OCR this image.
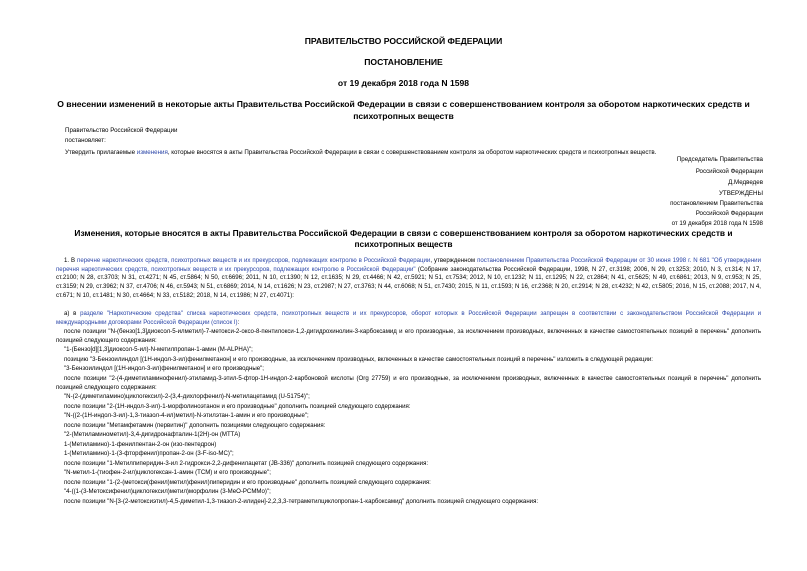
ПРАВИТЕЛЬСТВО РОССИЙСКОЙ ФЕДЕРАЦИИ
ПОСТАНОВЛЕНИЕ
от 19 декабря 2018 года N 1598
О внесении изменений в некоторые акты Правительства Российской Федерации в связи с совершенствованием контроля за оборотом наркотических средств и
психотропных веществ
Правительство Российской Федерации
постановляет:
Утвердить прилагаемые изменения, которые вносятся в акты Правительства Российской Федерации в связи с совершенствованием контроля за оборотом наркотических средств и психотропных веществ.
Председатель Правительства
Российской Федерации
Д.Медведев
УТВЕРЖДЕНЫ
постановлением Правительства
Российской Федерации
от 19 декабря 2018 года N 1598
Изменения, которые вносятся в акты Правительства Российской Федерации в связи с совершенствованием контроля за оборотом наркотических средств и
психотропных веществ
1. В перечне наркотических средств, психотропных веществ и их прекурсоров, подлежащих контролю в Российской Федерации, утвержденном постановлением Правительства Российской Федерации от 30 июня 1998 г. N 681 "Об утверждении перечня наркотических средств, психотропных веществ и их прекурсоров, подлежащих контролю в Российской Федерации" (Собрание законодательства Российской Федерации, 1998, N 27, ст.3198; 2006, N 29, ст.3253; 2010, N 3, ст.314; N 17, ст.2100; N 28, ст.3703; N 31, ст.4271; N 45, ст.5864; N 50, ст.6696; 2011, N 10, ст.1390; N 12, ст.1635; N 29, ст.4466; N 42, ст.5921; N 51, ст.7534; 2012, N 10, ст.1232; N 11, ст.1295; N 22, ст.2864; N 41, ст.5625; N 49, ст.6861; 2013, N 9, ст.953; N 25, ст.3159; N 29, ст.3962; N 37, ст.4706; N 46, ст.5943; N 51, ст.6869; 2014, N 14, ст.1626; N 23, ст.2987; N 27, ст.3763; N 44, ст.6068; N 51, ст.7430; 2015, N 11, ст.1593; N 16, ст.2368; N 20, ст.2914; N 28, ст.4232; N 42, ст.5805; 2016, N 15, ст.2088; 2017, N 4, ст.671; N 10, ст.1481; N 30, ст.4664; N 33, ст.5182; 2018, N 14, ст.1986; N 27, ст.4071):
а) в разделе "Наркотические средства" списка наркотических средств, психотропных веществ и их прекурсоров, оборот которых в Российской Федерации запрещен в соответствии с законодательством Российской Федерации и международными договорами Российской Федерации (список I):
после позиции "N-(бензо[1,3]диоксол-5-илметил)-7-метокси-2-оксо-8-пентилокси-1,2-дигидрохинолин-3-карбоксамид и его производные, за исключением производных, включенных в качестве самостоятельных позиций в перечень" дополнить позицией следующего содержания:
"1-(Бензо[d][1,3]диоксол-5-ил)-N-метилпропан-1-амин (M-ALPHA)";
позицию "3-Бензоилиндол [(1Н-индол-3-ил)фенилметанон] и его производные, за исключением производных, включенных в качестве самостоятельных позиций в перечень" изложить в следующей редакции:
"3-Бензоилиндол [(1Н-индол-3-ил)фенилметанон] и его производные";
после позиции "2-(4-диметиламинофенил)-этиламид-3-этил-5-фтор-1Н-индол-2-карбоновой кислоты (Org 27759) и его производные, за исключением производных, включенных в качестве самостоятельных позиций в перечень" дополнить позицией следующего содержания:
"N-(2-(диметиламино)циклогексил)-2-(3,4-дихлорфенил)-N-метилацетамид (U-51754)";
после позиции "2-(1Н-индол-3-ил)-1-морфолиноэтанон и его производные" дополнить позицией следующего содержания:
"N-((2-(1Н-индол-3-ил)-1,3-тиазол-4-ил)метил)-N-этилэтан-1-амин и его производные";
после позиции "Метамфетамин (первитин)" дополнить позициями следующего содержания:
"2-(Метиламинометил)-3,4-дигидронафталин-1(2Н)-он (МТТА)
1-(Метиламино)-1-фенилпентан-2-он (изо-пентедрон)
1-(Метиламино)-1-(3-фторфенил)пропан-2-он (3-F-iso-MC)";
после позиции "1-Метилпиперидин-3-ил 2-гидрокси-2,2-дифенилацетат (JB-336)" дополнить позицией следующего содержания:
"N-метил-1-(тиофен-2-ил)циклогексан-1-амин (ТСМ) и его производные";
после позиции "1-(2-(метокси(фенил)метил)фенил)пиперидин и его производные" дополнить позицией следующего содержания:
"4-((1-(3-Метоксифенил)циклогексил)метил)морфолин (3-MeO-PCMMo)";
после позиции "N-[3-(2-метоксиэтил)-4,5-диметил-1,3-тиазол-2-илиден]-2,2,3,3-тетраметилциклопропан-1-карбоксамид" дополнить позицией следующего содержания:
